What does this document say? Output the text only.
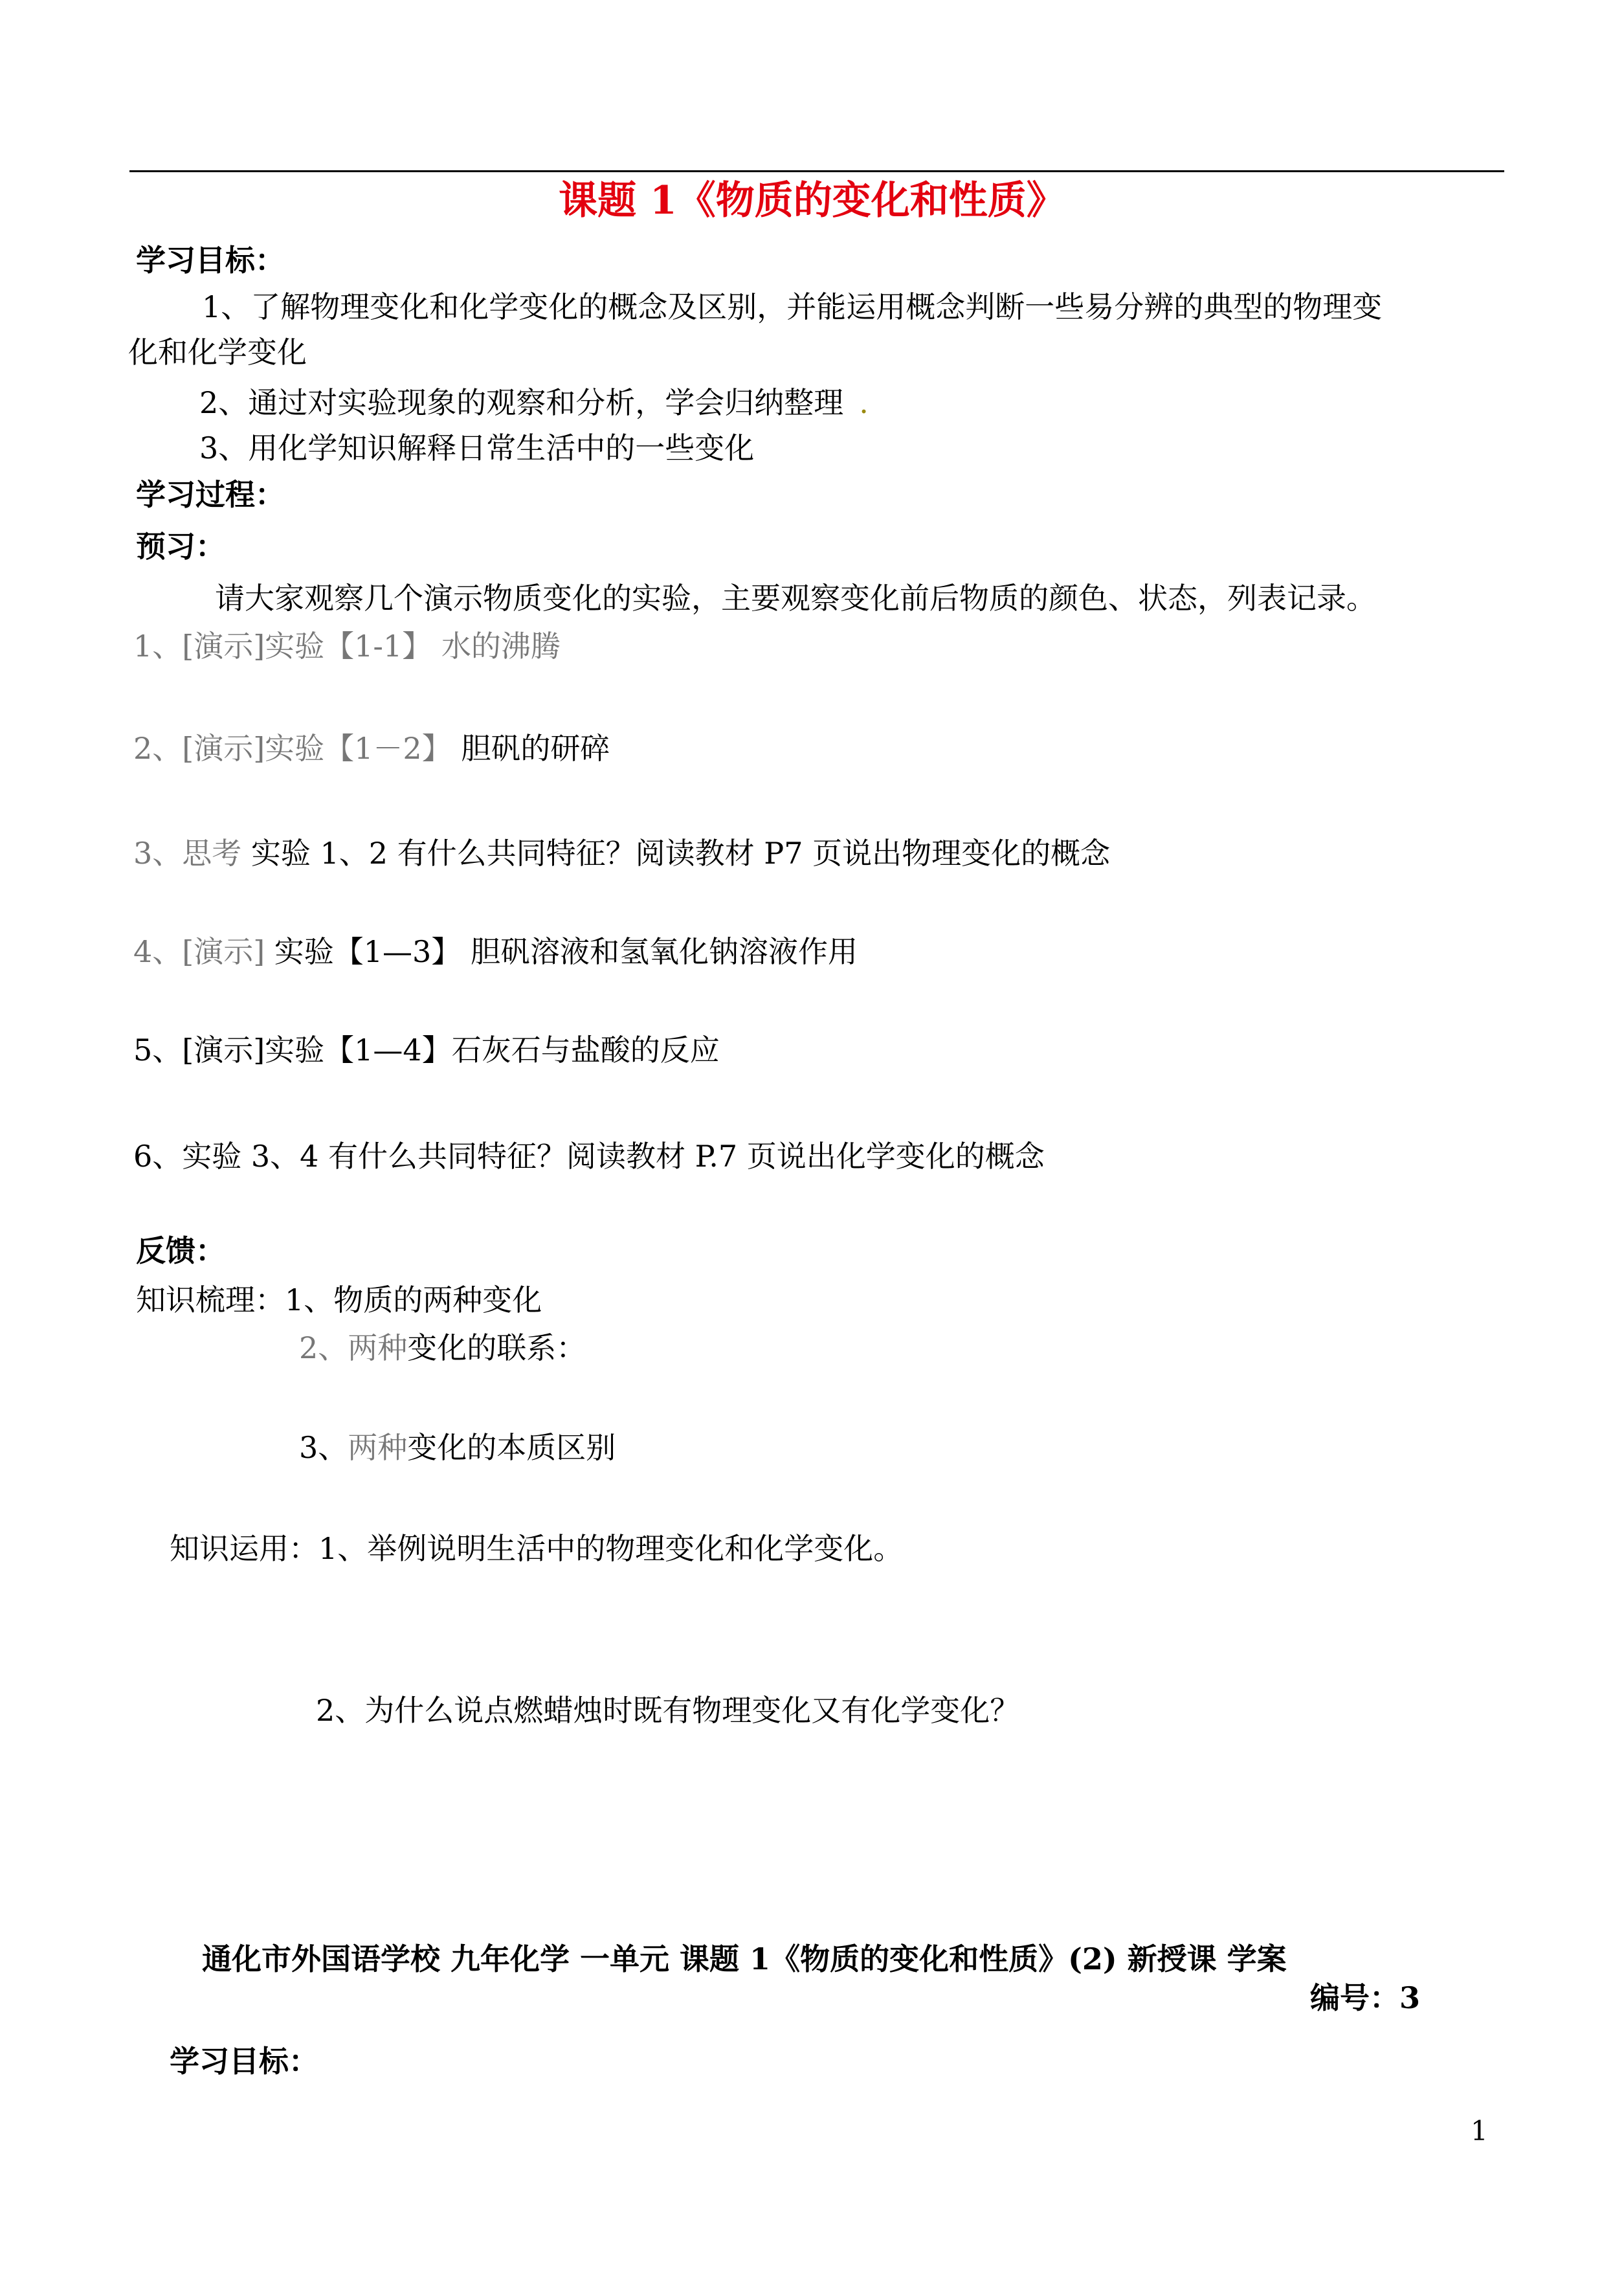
课题 1《物质的变化和性质》
学习目标：
1、了解物理变化和化学变化的概念及区别，并能运用概念判断一些易分辨的典型的物理变
化和化学变化
2、通过对实验现象的观察和分析，学会归纳整理 .
3、用化学知识解释日常生活中的一些变化
学习过程：
预习：
请大家观察几个演示物质变化的实验，主要观察变化前后物质的颜色、状态，列表记录。
1、[演示]实验【1-1】 水的沸腾
2、[演示]实验【1－2】 胆矾的研碎
3、思考 实验 1、2 有什么共同特征？阅读教材 P7 页说出物理变化的概念
4、[演示] 实验【1—3】 胆矾溶液和氢氧化钠溶液作用
5、[演示]实验【1—4】石灰石与盐酸的反应
6、实验 3、4 有什么共同特征？阅读教材 P.7 页说出化学变化的概念
反馈：
知识梳理：1、物质的两种变化
2、两种变化的联系：
3、两种变化的本质区别
知识运用：1、举例说明生活中的物理变化和化学变化。
2、为什么说点燃蜡烛时既有物理变化又有化学变化？
通化市外国语学校 九年化学 一单元 课题 1《物质的变化和性质》(2) 新授课 学案
编号：3
学习目标：
1
